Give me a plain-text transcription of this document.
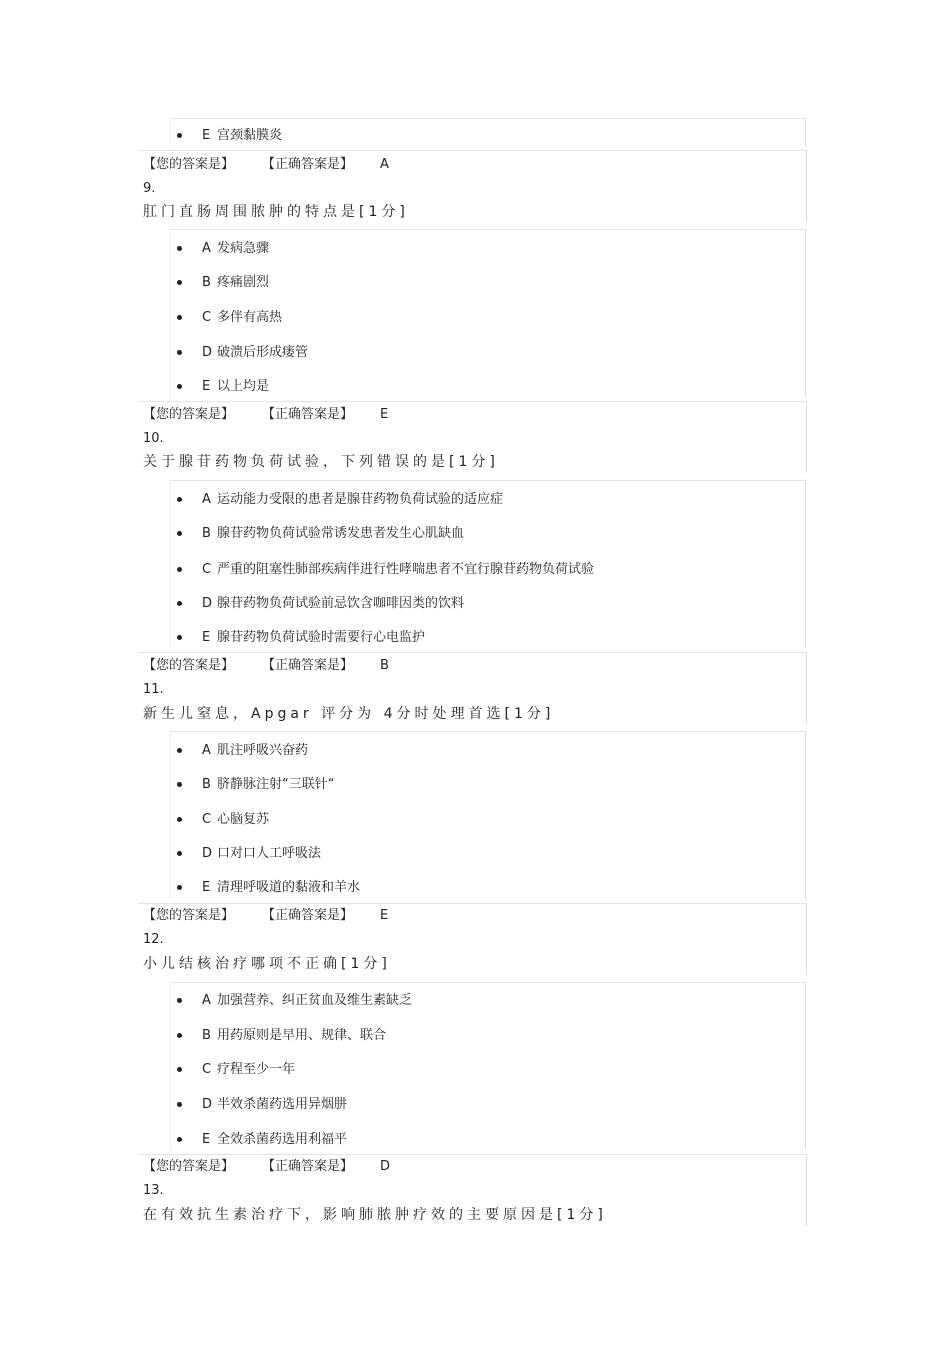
E 宫颈黏膜炎
【您的答案是】 【正确答案是】 A
9.
肛门直肠周围脓肿的特点是[1分]
A 发病急骤
B 疼痛剧烈
C 多伴有高热
D 破溃后形成瘘管
E 以上均是
【您的答案是】 【正确答案是】 E
10.
关于腺苷药物负荷试验，下列错误的是[1分]
A 运动能力受限的患者是腺苷药物负荷试验的适应症
B 腺苷药物负荷试验常诱发患者发生心肌缺血
C 严重的阻塞性肺部疾病伴进行性哮喘患者不宜行腺苷药物负荷试验
D 腺苷药物负荷试验前忌饮含咖啡因类的饮料
E 腺苷药物负荷试验时需要行心电监护
【您的答案是】 【正确答案是】 B
11.
新生儿窒息，Apgar 评分为 4分时处理首选[1分]
A 肌注呼吸兴奋药
B 脐静脉注射“三联针“
C 心脑复苏
D 口对口人工呼吸法
E 清理呼吸道的黏液和羊水
【您的答案是】 【正确答案是】 E
12.
小儿结核治疗哪项不正确[1分]
A 加强营养、纠正贫血及维生素缺乏
B 用药原则是早用、规律、联合
C 疗程至少一年
D 半效杀菌药选用异烟肼
E 全效杀菌药选用利福平
【您的答案是】 【正确答案是】 D
13.
在有效抗生素治疗下，影响肺脓肿疗效的主要原因是[1分]
